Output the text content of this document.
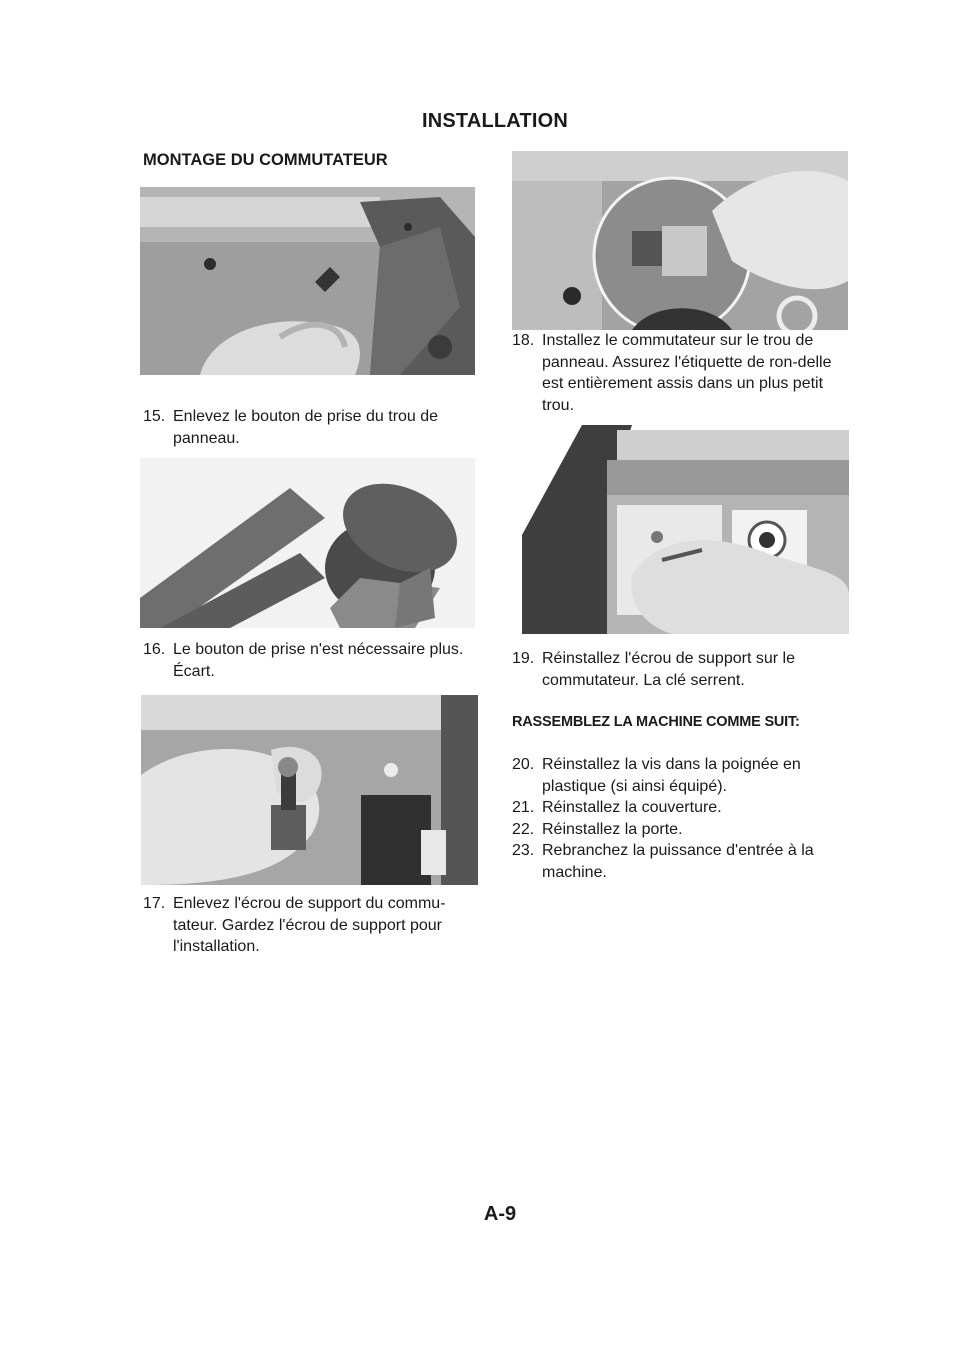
INSTALLATION
MONTAGE DU COMMUTATEUR
15. Enlevez le bouton de prise du trou de panneau.
16. Le bouton de prise n'est nécessaire plus. Écart.
17. Enlevez l'écrou de support du commu-tateur. Gardez l'écrou de support pour l'installation.
18. Installez le commutateur sur le trou de panneau. Assurez l'étiquette de ron-delle est entièrement assis dans un plus petit trou.
19. Réinstallez l'écrou de support sur le commutateur. La clé serrent.
RASSEMBLEZ LA MACHINE COMME SUIT:
20. Réinstallez la vis dans la poignée en plastique (si ainsi équipé).
21. Réinstallez la couverture.
22. Réinstallez la porte.
23. Rebranchez la puissance d'entrée à la machine.
A-9
